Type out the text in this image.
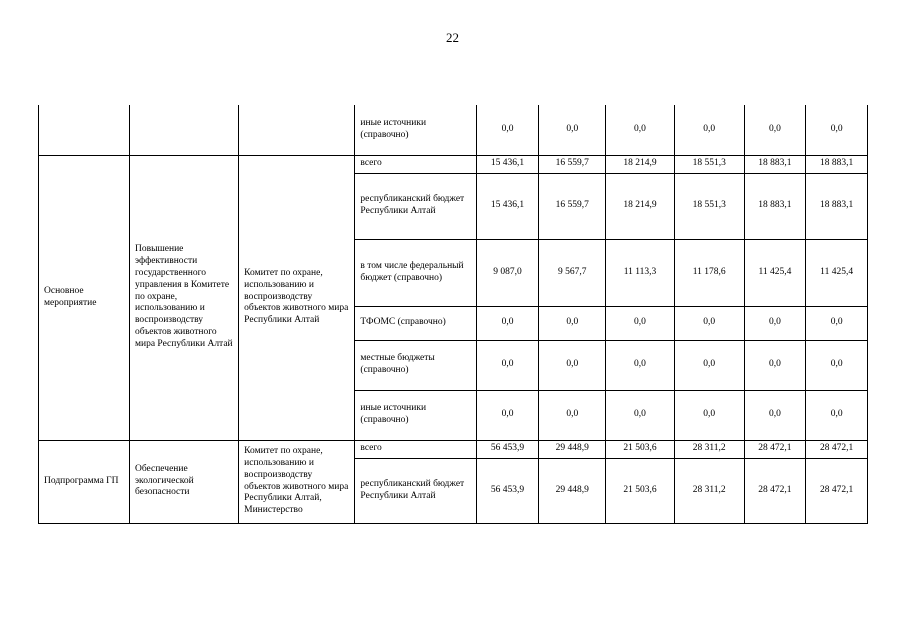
22
			иные источники (справочно)	0,0	0,0	0,0	0,0	0,0	0,0
Основное мероприятие	Повышение эффективности государственного управления в Комитете по охране, использованию и воспроизводству объектов животного мира Республики Алтай	Комитет по охране, использованию и воспроизводству объектов животного мира Республики Алтай	всего	15 436,1	16 559,7	18 214,9	18 551,3	18 883,1	18 883,1
			республиканский бюджет Республики Алтай	15 436,1	16 559,7	18 214,9	18 551,3	18 883,1	18 883,1
			в том числе федеральный бюджет (справочно)	9 087,0	9 567,7	11 113,3	11 178,6	11 425,4	11 425,4
			ТФОМС (справочно)	0,0	0,0	0,0	0,0	0,0	0,0
			местные бюджеты (справочно)	0,0	0,0	0,0	0,0	0,0	0,0
			иные источники (справочно)	0,0	0,0	0,0	0,0	0,0	0,0
Подпрограмма ГП	Обеспечение экологической безопасности	Комитет по охране, использованию и воспроизводству объектов животного мира Республики Алтай, Министерство	всего	56 453,9	29 448,9	21 503,6	28 311,2	28 472,1	28 472,1
			республиканский бюджет Республики Алтай	56 453,9	29 448,9	21 503,6	28 311,2	28 472,1	28 472,1
